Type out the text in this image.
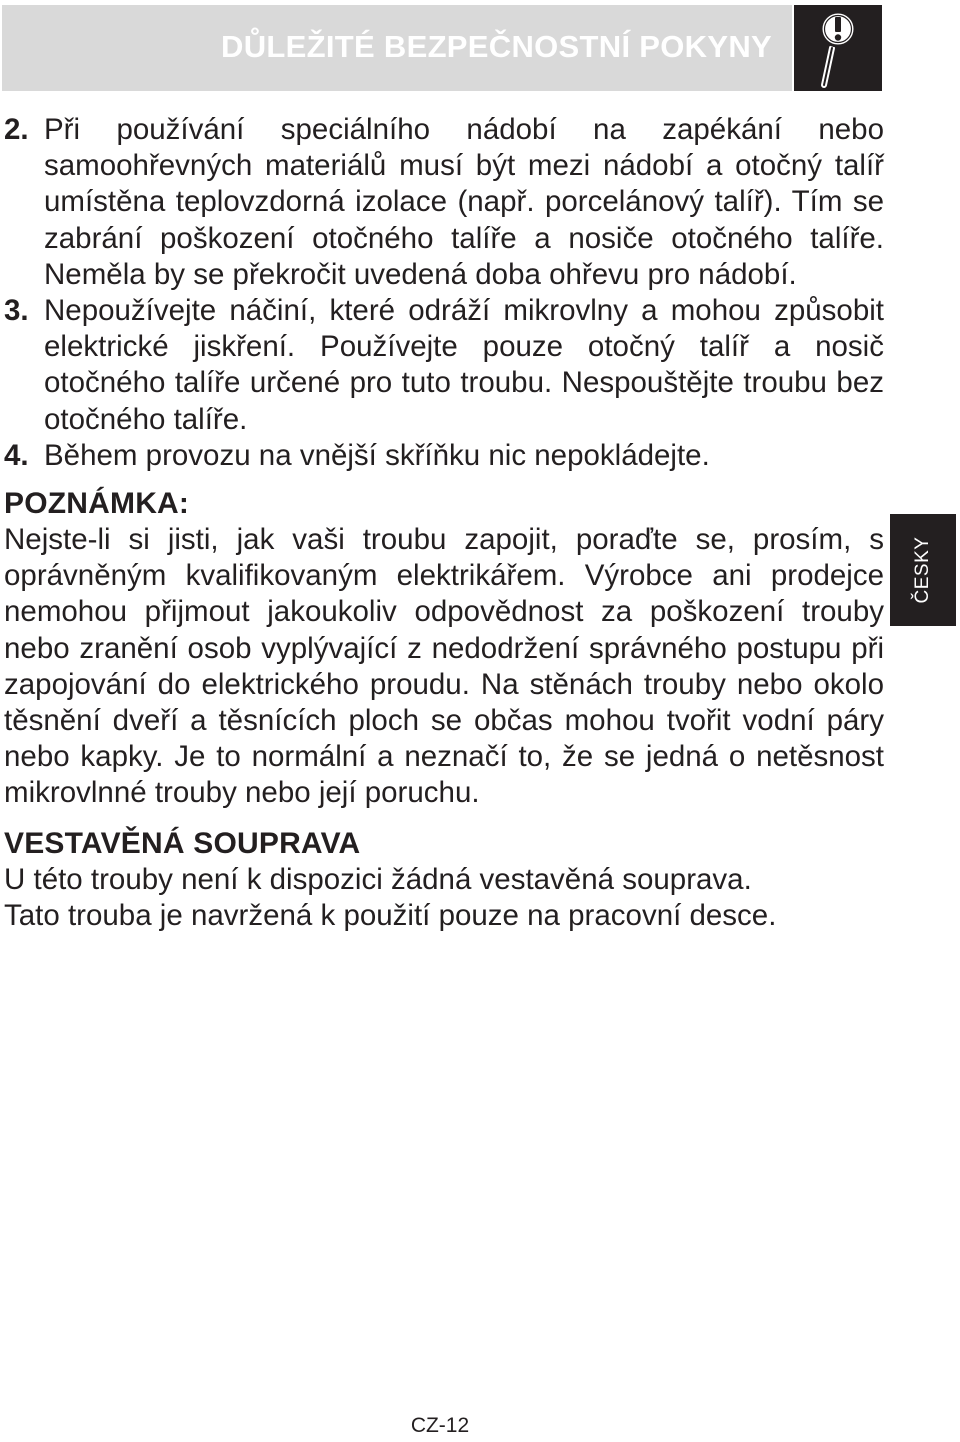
DŮLEŽITÉ BEZPEČNOSTNÍ POKYNY
2. Při používání speciálního nádobí na zapékání nebo samoohřevných materiálů musí být mezi nádobí a otočný talíř umístěna teplovzdorná izolace (např. porcelánový talíř). Tím se zabrání poškození otočného talíře a nosiče otočného talíře. Neměla by se překročit uvedená doba ohřevu pro nádobí.
3. Nepoužívejte náčiní, které odráží mikrovlny a mohou způsobit elektrické jiskření. Používejte pouze otočný talíř a nosič otočného talíře určené pro tuto troubu. Nespouštějte troubu bez otočného talíře.
4. Během provozu na vnější skříňku nic nepokládejte.
POZNÁMKA:

Nejste-li si jisti, jak vaši troubu zapojit, poraďte se, prosím, s oprávněným kvalifikovaným elektrikářem. Výrobce ani prodejce nemohou přijmout jakoukoliv odpovědnost za poškození trouby nebo zranění osob vyplývající z nedodržení správného postupu při zapojování do elektrického proudu. Na stěnách trouby nebo okolo těsnění dveří a těsnících ploch se občas mohou tvořit vodní páry nebo kapky. Je to normální a neznačí to, že se jedná o netěsnost mikrovlnné trouby nebo její poruchu.

VESTAVĚNÁ SOUPRAVA

U této trouby není k dispozici žádná vestavěná souprava.

Tato trouba je navržená k použití pouze na pracovní desce.

ČESKY
CZ-12
